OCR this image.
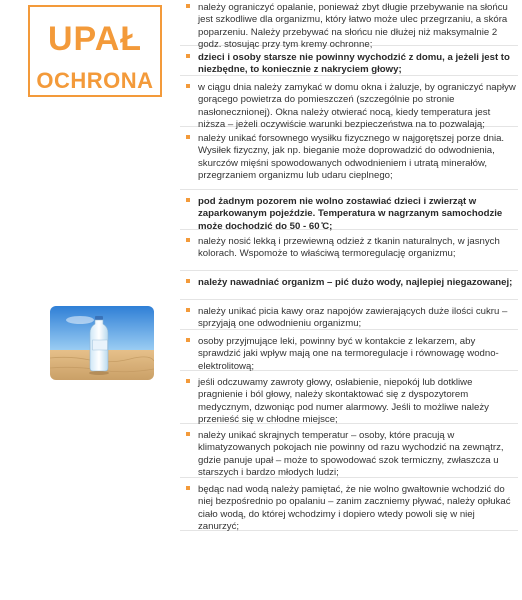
UPAŁ
OCHRONA
należy ograniczyć opalanie, ponieważ zbyt długie przebywanie na słońcu jest szkodliwe dla organizmu, który łatwo może ulec przegrzaniu, a skóra poparzeniu. Należy przebywać na słońcu nie dłużej niż maksymalnie 2 godz. stosując przy tym kremy ochronne;
dzieci i osoby starsze nie powinny wychodzić z domu, a jeżeli jest to niezbędne, to koniecznie z nakryciem głowy;
w ciągu dnia należy zamykać w domu okna i żaluzje, by ograniczyć napływ gorącego powietrza do pomieszczeń (szczególnie po stronie nasłonecznionej). Okna należy otwierać nocą, kiedy temperatura jest niższa – jeżeli oczywiście warunki bezpieczeństwa na to pozwalają;
należy unikać forsownego wysiłku fizycznego w najgorętszej porze dnia. Wysiłek fizyczny, jak np. bieganie może doprowadzić do odwodnienia, skurczów mięśni spowodowanych odwodnieniem i utratą minerałów, przegrzaniem organizmu lub udaru cieplnego;
pod żadnym pozorem nie wolno zostawiać dzieci i zwierząt w zaparkowanym pojeździe. Temperatura w nagrzanym samochodzie może dochodzić do 50 - 60 ̊C;
należy nosić lekką i przewiewną odzież z tkanin naturalnych, w jasnych kolorach. Wspomoże to właściwą termoregulację organizmu;
należy nawadniać organizm – pić dużo wody, najlepiej niegazowanej;
należy unikać picia kawy oraz napojów zawierających duże ilości cukru – sprzyjają one odwodnieniu organizmu;
osoby przyjmujące leki, powinny być w kontakcie z lekarzem, aby sprawdzić jaki wpływ mają one na termoregulacje i równowagę wodno-elektrolitową;
jeśli odczuwamy zawroty głowy, osłabienie, niepokój lub dotkliwe pragnienie i ból głowy, należy skontaktować się z dyspozytorem medycznym, dzwoniąc pod numer alarmowy. Jeśli to możliwe należy przenieść się w chłodne miejsce;
należy unikać skrajnych temperatur – osoby, które pracują w klimatyzowanych pokojach nie powinny od razu wychodzić na zewnątrz, gdzie panuje upał – może to spowodować szok termiczny, zwłaszcza u starszych i bardzo młodych ludzi;
będąc nad wodą należy pamiętać, że nie wolno gwałtownie wchodzić do niej bezpośrednio po opalaniu – zanim zaczniemy pływać, należy opłukać ciało wodą, do której wchodzimy i dopiero wtedy powoli się w niej zanurzyć;
